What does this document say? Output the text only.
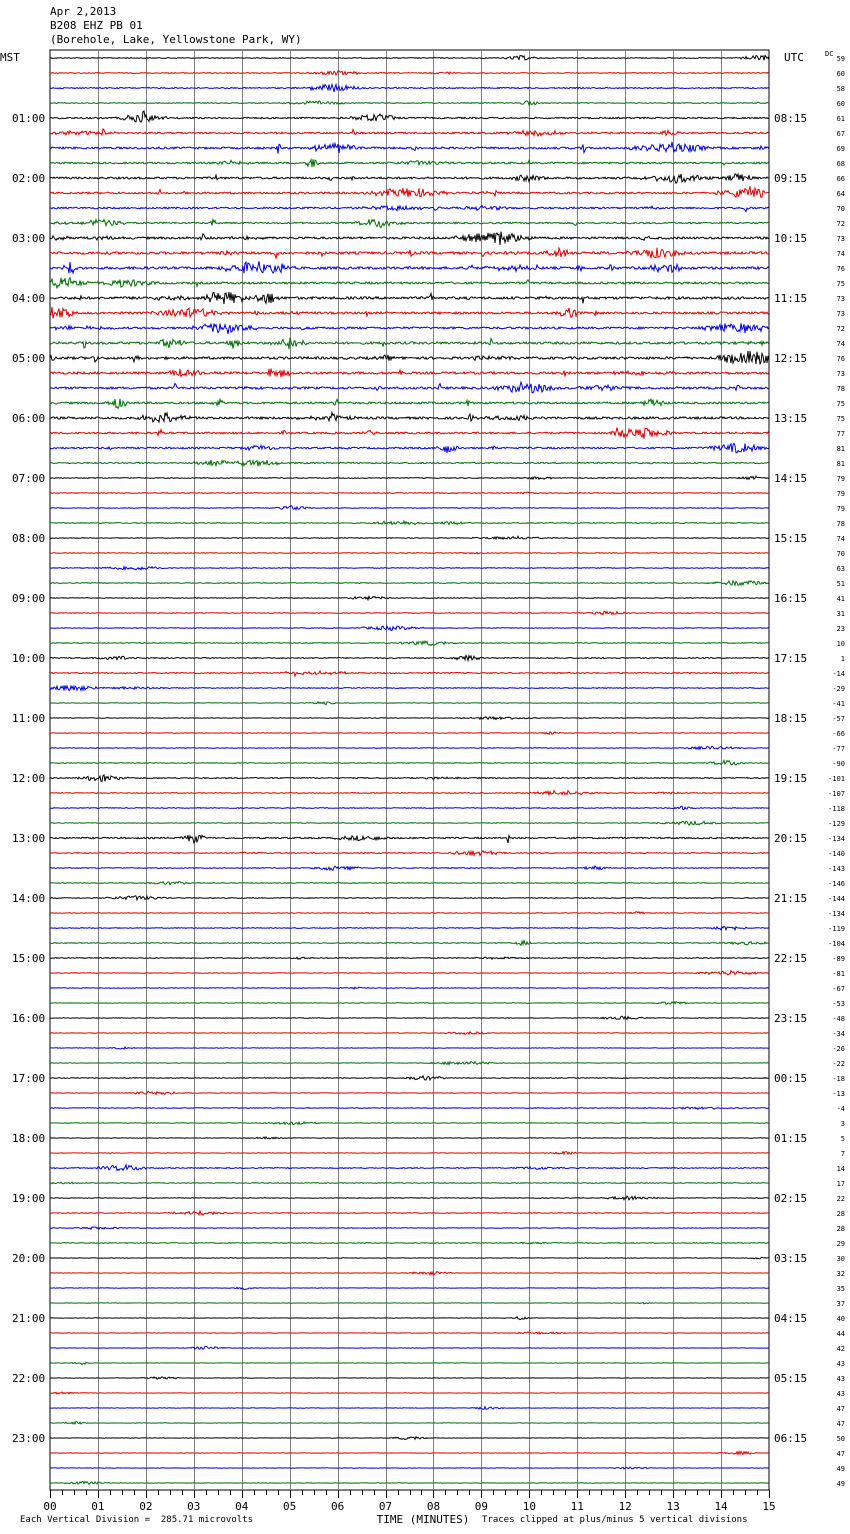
Apr 2,2013
B208 EHZ PB 01
(Borehole, Lake, Yellowstone Park, WY)
MST	UTC	DC
01:00	08:15
02:00	09:15
03:00	10:15
04:00	11:15
05:00	12:15
06:00	13:15
07:00	14:15
08:00	15:15
09:00	16:15
10:00	17:15
11:00	18:15
12:00	19:15
13:00	20:15
14:00	21:15
15:00	22:15
16:00	23:15
17:00	00:15
18:00	01:15
19:00	02:15
20:00	03:15
21:00	04:15
22:00	05:15
23:00	06:15
59
60
58
60
61
67
69
68
66
64
70
72
73
74
76
75
73
73
72
74
76
73
78
75
75
77
81
81
79
79
79
78
74
70
63
51
41
31
23
10
1
-14
-29
-41
-57
-66
-77
-90
-101
-107
-118
-129
-134
-140
-143
-146
-144
-134
-119
-104
-89
-81
-67
-53
-48
-34
-26
-22
-18
-13
-4
3
5
7
14
17
22
28
28
29
30
32
35
37
40
44
42
43
43
43
47
47
50
47
49
49
00	01	02	03	04	05	06	07	08	09	10	11	12	13	14	15
TIME (MINUTES)
Each Vertical Division =  285.71 microvolts	Traces clipped at plus/minus 5 vertical divisions
